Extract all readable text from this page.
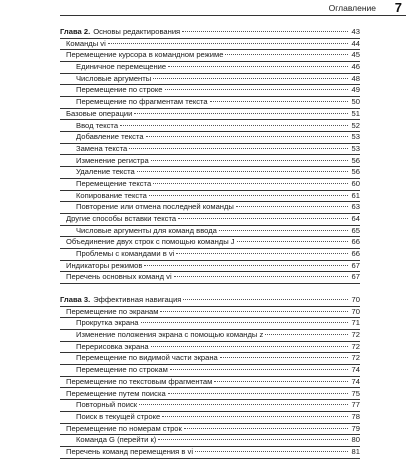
Оглавление 7
Глава 2. Основы редактирования	43
Команды vi	44
Перемещение курсора в командном режиме	45
Единичное перемещение	46
Числовые аргументы	48
Перемещение по строке	49
Перемещение по фрагментам текста	50
Базовые операции	51
Ввод текста	52
Добавление текста	53
Замена текста	53
Изменение регистра	56
Удаление текста	56
Перемещение текста	60
Копирование текста	61
Повторение или отмена последней команды	63
Другие способы вставки текста	64
Числовые аргументы для команд ввода	65
Объединение двух строк с помощью команды J	66
Проблемы с командами в vi	66
Индикаторы режимов	67
Перечень основных команд vi	67
Глава 3. Эффективная навигация	70
Перемещение по экранам	70
Прокрутка экрана	71
Изменение положения экрана с помощью команды z	72
Перерисовка экрана	72
Перемещение по видимой части экрана	72
Перемещение по строкам	74
Перемещение по текстовым фрагментам	74
Перемещение путем поиска	75
Повторный поиск	77
Поиск в текущей строке	78
Перемещение по номерам строк	79
Команда G (перейти к)	80
Перечень команд перемещения в vi	81
